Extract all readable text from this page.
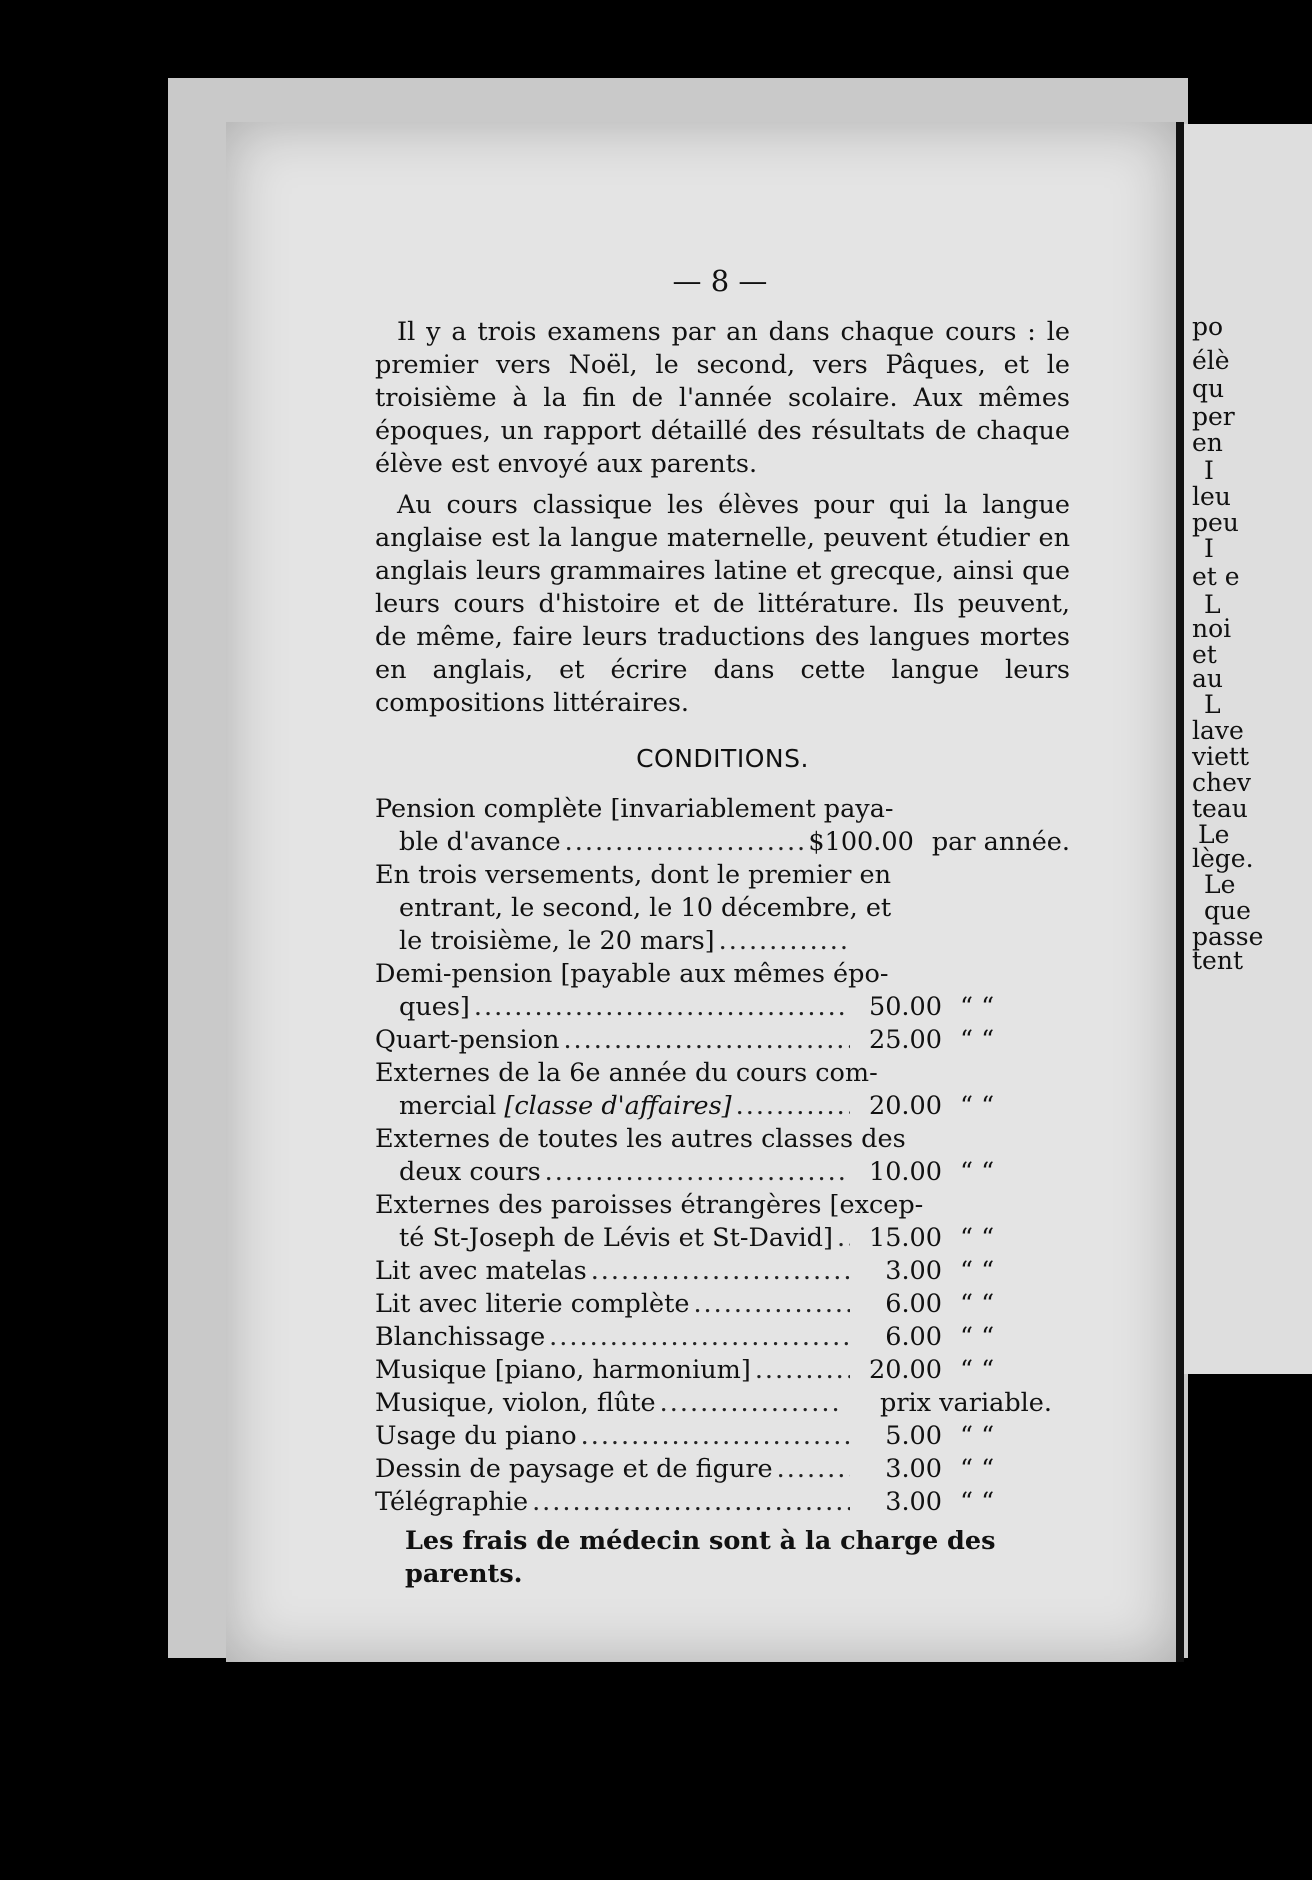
po
élè
qu
per
en
I
leu
peu
I
et e
L
noi
et
au
L
lave
viett
chev
teau
Le
lège.
Le
que
passe
tent
— 8 —

Il y a trois examens par an dans chaque cours : le premier vers Noël, le second, vers Pâques, et le troisième à la fin de l'année scolaire. Aux mêmes époques, un rapport détaillé des résultats de chaque élève est envoyé aux parents.

Au cours classique les élèves pour qui la langue anglaise est la langue maternelle, peuvent étudier en anglais leurs grammaires latine et grecque, ainsi que leurs cours d'histoire et de littérature. Ils peuvent, de même, faire leurs traductions des langues mortes en anglais, et écrire dans cette langue leurs compositions littéraires.

CONDITIONS.
Pension complète [invariablement paya-
ble d'avance .....	$100.00 par année.
En trois versements, dont le premier en
entrant, le second, le 10 décembre, et
le troisième, le 20 mars]
.....
Demi-pension [payable aux mêmes épo-
ques] .....	50.00 “ “
Quart-pension .....	25.00 “ “
Externes de la 6e année du cours com-
mercial [classe d'affaires] .....	20.00 “ “
Externes de toutes les autres classes des
deux cours .....	10.00 “ “
Externes des paroisses étrangères [excep-
té St-Joseph de Lévis et St-David] .....	15.00 “ “
Lit avec matelas .....	3.00 “ “
Lit avec literie complète .....	6.00 “ “
Blanchissage .....	6.00 “ “
Musique [piano, harmonium] .....	20.00 “ “
Musique, violon, flûte .....	prix variable.
Usage du piano .....	5.00 “ “
Dessin de paysage et de figure .....	3.00 “ “
Télégraphie .....	3.00 “ “
Les frais de médecin sont à la charge des parents.
